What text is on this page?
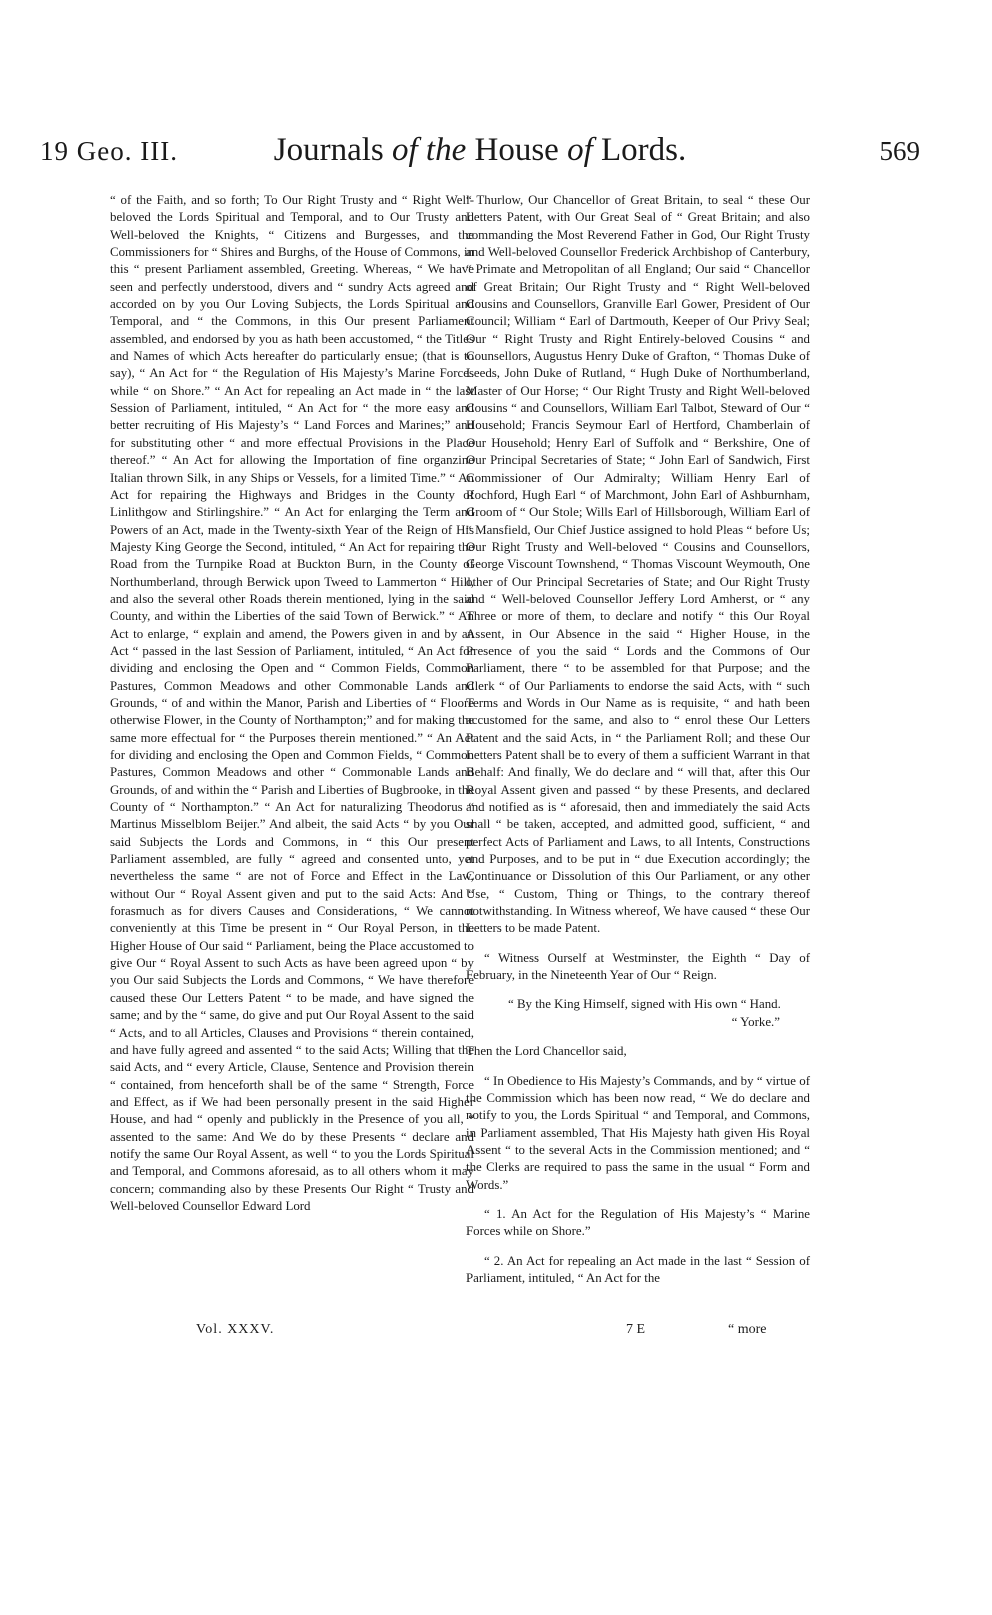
19 Geo. III.	Journals of the House of Lords.	569

“ of the Faith, and so forth; To Our Right Trusty and “ Right Well-beloved the Lords Spiritual and Temporal, and to Our Trusty and Well-beloved the Knights, “ Citizens and Burgesses, and the Commissioners for “ Shires and Burghs, of the House of Commons, in this “ present Parliament assembled, Greeting. Whereas, “ We have seen and perfectly understood, divers and “ sundry Acts agreed and accorded on by you Our Loving Subjects, the Lords Spiritual and Temporal, and “ the Commons, in this Our present Parliament assembled, and endorsed by you as hath been accustomed, “ the Titles and Names of which Acts hereafter do particularly ensue; (that is to say), “ An Act for “ the Regulation of His Majesty’s Marine Forces while “ on Shore.” “ An Act for repealing an Act made in “ the last Session of Parliament, intituled, “ An Act for “ the more easy and better recruiting of His Majesty’s “ Land Forces and Marines;” and for substituting other “ and more effectual Provisions in the Place thereof.” “ An Act for allowing the Importation of fine organzine Italian thrown Silk, in any Ships or Vessels, for a limited Time.” “ An Act for repairing the Highways and Bridges in the County of Linlithgow and Stirlingshire.” “ An Act for enlarging the Term and Powers of an Act, made in the Twenty-sixth Year of the Reign of His Majesty King George the Second, intituled, “ An Act for repairing the Road from the Turnpike Road at Buckton Burn, in the County of Northumberland, through Berwick upon Tweed to Lammerton “ Hill, and also the several other Roads therein mentioned, lying in the said County, and within the Liberties of the said Town of Berwick.” “ An Act to enlarge, “ explain and amend, the Powers given in and by an Act “ passed in the last Session of Parliament, intituled, “ An Act for dividing and enclosing the Open and “ Common Fields, Common Pastures, Common Meadows and other Commonable Lands and Grounds, “ of and within the Manor, Parish and Liberties of “ Floore otherwise Flower, in the County of Northampton;” and for making the same more effectual for “ the Purposes therein mentioned.” “ An Act for dividing and enclosing the Open and Common Fields, “ Common Pastures, Common Meadows and other “ Commonable Lands and Grounds, of and within the “ Parish and Liberties of Bugbrooke, in the County of “ Northampton.” “ An Act for naturalizing Theodorus “ Martinus Misselblom Beijer.” And albeit, the said Acts “ by you Our said Subjects the Lords and Commons, in “ this Our present Parliament assembled, are fully “ agreed and consented unto, yet nevertheless the same “ are not of Force and Effect in the Law, without Our “ Royal Assent given and put to the said Acts: And “ forasmuch as for divers Causes and Considerations, “ We cannot conveniently at this Time be present in “ Our Royal Person, in the Higher House of Our said “ Parliament, being the Place accustomed to give Our “ Royal Assent to such Acts as have been agreed upon “ by you Our said Subjects the Lords and Commons, “ We have therefore caused these Our Letters Patent “ to be made, and have signed the same; and by the “ same, do give and put Our Royal Assent to the said “ Acts, and to all Articles, Clauses and Provisions “ therein contained, and have fully agreed and assented “ to the said Acts; Willing that the said Acts, and “ every Article, Clause, Sentence and Provision therein “ contained, from henceforth shall be of the same “ Strength, Force and Effect, as if We had been personally present in the said Higher House, and had “ openly and publickly in the Presence of you all, “ assented to the same: And We do by these Presents “ declare and notify the same Our Royal Assent, as well “ to you the Lords Spiritual and Temporal, and Commons aforesaid, as to all others whom it may concern; commanding also by these Presents Our Right “ Trusty and Well-beloved Counsellor Edward Lord

“ Thurlow, Our Chancellor of Great Britain, to seal “ these Our Letters Patent, with Our Great Seal of “ Great Britain; and also commanding the Most Reverend Father in God, Our Right Trusty and Well-beloved Counsellor Frederick Archbishop of Canterbury, “ Primate and Metropolitan of all England; Our said “ Chancellor of Great Britain; Our Right Trusty and “ Right Well-beloved Cousins and Counsellors, Granville Earl Gower, President of Our Council; William “ Earl of Dartmouth, Keeper of Our Privy Seal; Our “ Right Trusty and Right Entirely-beloved Cousins “ and Counsellors, Augustus Henry Duke of Grafton, “ Thomas Duke of Leeds, John Duke of Rutland, “ Hugh Duke of Northumberland, Master of Our Horse; “ Our Right Trusty and Right Well-beloved Cousins “ and Counsellors, William Earl Talbot, Steward of Our “ Household; Francis Seymour Earl of Hertford, Chamberlain of Our Household; Henry Earl of Suffolk and “ Berkshire, One of Our Principal Secretaries of State; “ John Earl of Sandwich, First Commissioner of Our Admiralty; William Henry Earl of Rochford, Hugh Earl “ of Marchmont, John Earl of Ashburnham, Groom of “ Our Stole; Wills Earl of Hillsborough, William Earl of “ Mansfield, Our Chief Justice assigned to hold Pleas “ before Us; Our Right Trusty and Well-beloved “ Cousins and Counsellors, George Viscount Townshend, “ Thomas Viscount Weymouth, One other of Our Principal Secretaries of State; and Our Right Trusty and “ Well-beloved Counsellor Jeffery Lord Amherst, or “ any Three or more of them, to declare and notify “ this Our Royal Assent, in Our Absence in the said “ Higher House, in the Presence of you the said “ Lords and the Commons of Our Parliament, there “ to be assembled for that Purpose; and the Clerk “ of Our Parliaments to endorse the said Acts, with “ such Terms and Words in Our Name as is requisite, “ and hath been accustomed for the same, and also to “ enrol these Our Letters Patent and the said Acts, in “ the Parliament Roll; and these Our Letters Patent shall be to every of them a sufficient Warrant in that Behalf: And finally, We do declare and “ will that, after this Our Royal Assent given and passed “ by these Presents, and declared and notified as is “ aforesaid, then and immediately the said Acts shall “ be taken, accepted, and admitted good, sufficient, “ and perfect Acts of Parliament and Laws, to all Intents, Constructions and Purposes, and to be put in “ due Execution accordingly; the Continuance or Dissolution of this Our Parliament, or any other Use, “ Custom, Thing or Things, to the contrary thereof notwithstanding. In Witness whereof, We have caused “ these Our Letters to be made Patent.

“ Witness Ourself at Westminster, the Eighth “ Day of February, in the Nineteenth Year of Our “ Reign.

“ By the King Himself, signed with His own “ Hand.

“ Yorke.”

Then the Lord Chancellor said,

“ In Obedience to His Majesty’s Commands, and by “ virtue of the Commission which has been now read, “ We do declare and notify to you, the Lords Spiritual “ and Temporal, and Commons, in Parliament assembled, That His Majesty hath given His Royal Assent “ to the several Acts in the Commission mentioned; and “ the Clerks are required to pass the same in the usual “ Form and Words.”

“ 1. An Act for the Regulation of His Majesty’s “ Marine Forces while on Shore.”

“ 2. An Act for repealing an Act made in the last “ Session of Parliament, intituled, “ An Act for the

Vol. XXXV.	7 E	“ more
